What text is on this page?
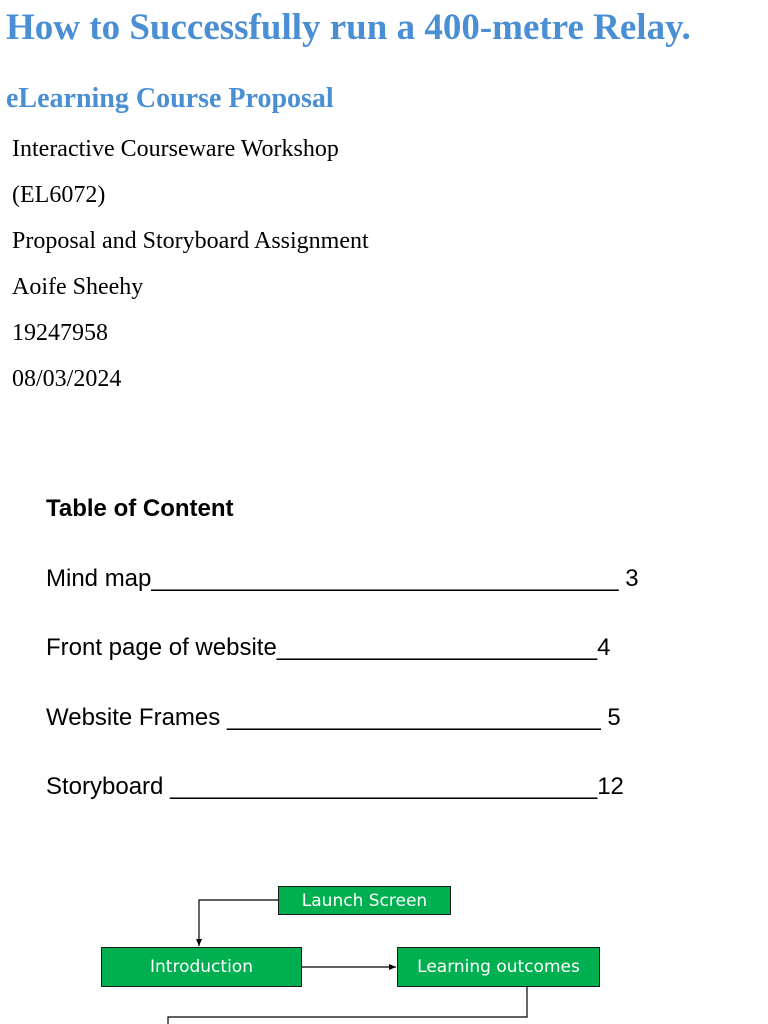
How to Successfully run a 400-metre Relay.
eLearning Course Proposal

Interactive Courseware Workshop

(EL6072)

Proposal and Storyboard Assignment

Aoife Sheehy

19247958

08/03/2024

Table of Content

Mind map___________________________________ 3

Front page of website________________________4

Website Frames ____________________________ 5

Storyboard ________________________________12

Launch Screen
Introduction	Learning outcomes
